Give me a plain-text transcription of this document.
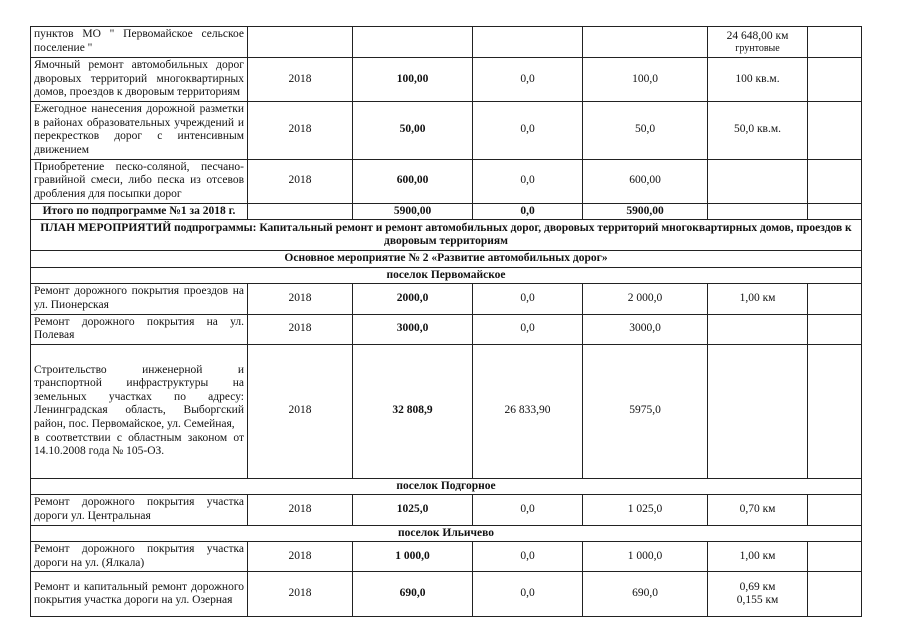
пунктов МО " Первомайское сельское поселение "					24 648,00 км
грунтовые	

Ямочный ремонт автомобильных дорог дворовых территорий многоквартирных домов, проездов к дворовым территориям	2018	100,00	0,0	100,0	100 кв.м.	
Ежегодное нанесения дорожной разметки в районах образовательных учреждений и перекрестков дорог с интенсивным движением	2018	50,00	0,0	50,0	50,0 кв.м.	
Приобретение песко-соляной, песчано-гравийной смеси, либо песка из отсевов дробления для посыпки дорог	2018	600,00	0,0	600,00		
Итого по подпрограмме №1 за 2018 г.		5900,00	0,0	5900,00		
ПЛАН МЕРОПРИЯТИЙ подпрограммы: Капитальный ремонт и ремонт автомобильных дорог, дворовых территорий многоквартирных домов, проездов к дворовым территориям						
Основное мероприятие № 2 «Развитие автомобильных дорог»						
поселок Первомайское						
Ремонт дорожного покрытия проездов на ул. Пионерская	2018	2000,0	0,0	2 000,0	1,00 км	
Ремонт дорожного покрытия на ул. Полевая	2018	3000,0	0,0	3000,0		

Строительство инженерной и транспортной инфраструктуры на земельных участках по адресу: Ленинградская область, Выборгский район, пос. Первомайское, ул. Семейная,
в соответствии с областным законом от 14.10.2008 года № 105-ОЗ.	2018	32 808,9	26 833,90	5975,0		
поселок Подгорное						
Ремонт дорожного покрытия участка дороги ул. Центральная	2018	1025,0	0,0	1 025,0	0,70 км	
поселок Ильичево						
Ремонт дорожного покрытия участка дороги на ул. (Ялкала)	2018	1 000,0	0,0	1 000,0	1,00 км	
Ремонт и капитальный ремонт дорожного покрытия участка дороги на ул. Озерная	2018	690,0	0,0	690,0	0,69 км
0,155 км	
